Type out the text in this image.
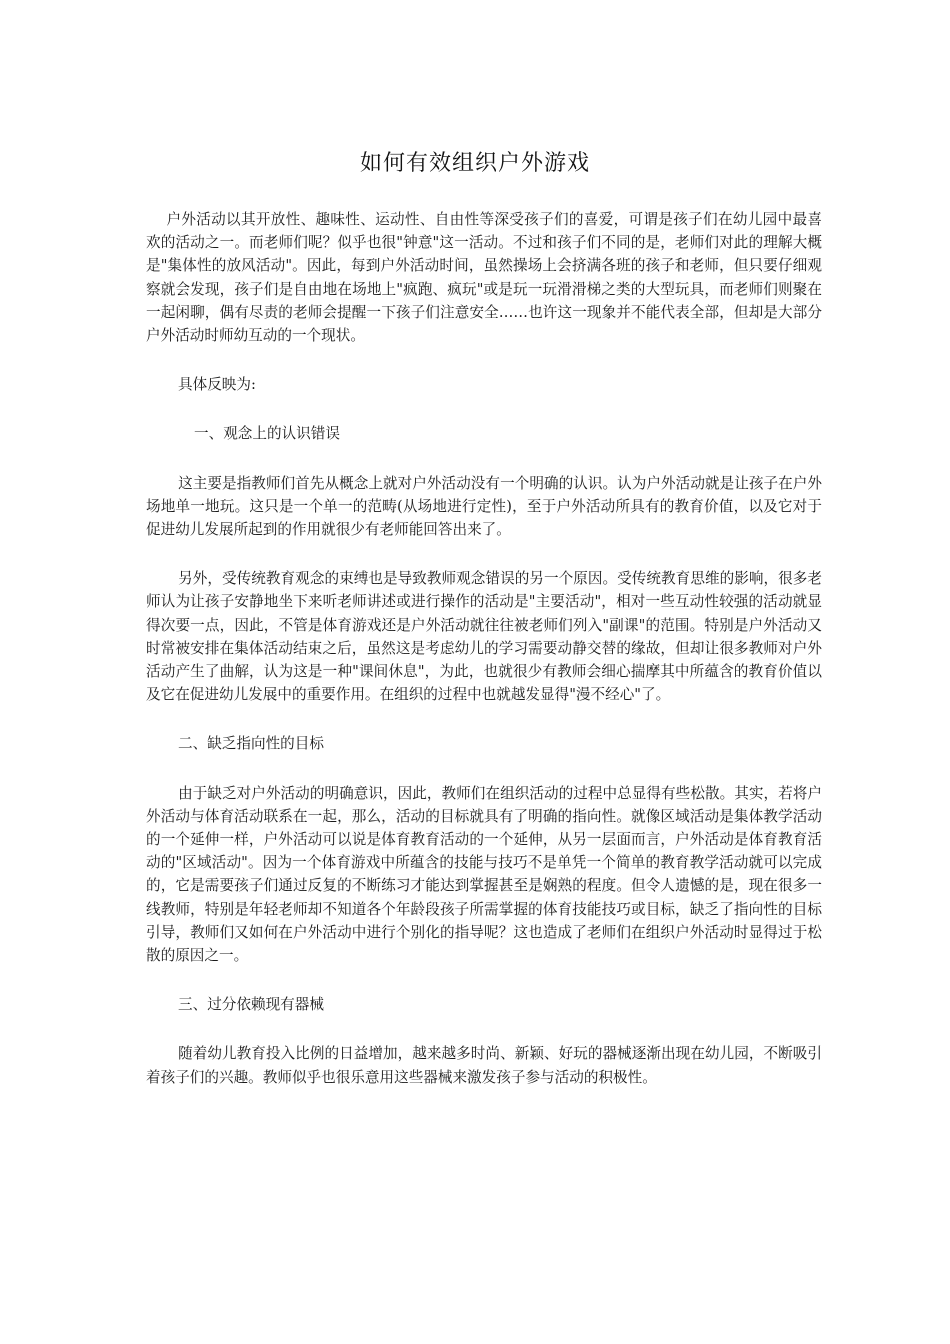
如何有效组织户外游戏

户外活动以其开放性、趣味性、运动性、自由性等深受孩子们的喜爱，可谓是孩子们在幼儿园中最喜欢的活动之一。而老师们呢？似乎也很"钟意"这一活动。不过和孩子们不同的是，老师们对此的理解大概是"集体性的放风活动"。因此，每到户外活动时间，虽然操场上会挤满各班的孩子和老师，但只要仔细观察就会发现，孩子们是自由地在场地上"疯跑、疯玩"或是玩一玩滑滑梯之类的大型玩具，而老师们则聚在一起闲聊，偶有尽责的老师会提醒一下孩子们注意安全……也许这一现象并不能代表全部，但却是大部分户外活动时师幼互动的一个现状。

具体反映为:

一、观念上的认识错误

这主要是指教师们首先从概念上就对户外活动没有一个明确的认识。认为户外活动就是让孩子在户外场地单一地玩。这只是一个单一的范畴(从场地进行定性)，至于户外活动所具有的教育价值，以及它对于促进幼儿发展所起到的作用就很少有老师能回答出来了。

另外，受传统教育观念的束缚也是导致教师观念错误的另一个原因。受传统教育思维的影响，很多老师认为让孩子安静地坐下来听老师讲述或进行操作的活动是"主要活动"，相对一些互动性较强的活动就显得次要一点，因此，不管是体育游戏还是户外活动就往往被老师们列入"副课"的范围。特别是户外活动又时常被安排在集体活动结束之后，虽然这是考虑幼儿的学习需要动静交替的缘故，但却让很多教师对户外活动产生了曲解，认为这是一种"课间休息"，为此，也就很少有教师会细心揣摩其中所蕴含的教育价值以及它在促进幼儿发展中的重要作用。在组织的过程中也就越发显得"漫不经心"了。

二、缺乏指向性的目标

由于缺乏对户外活动的明确意识，因此，教师们在组织活动的过程中总显得有些松散。其实，若将户外活动与体育活动联系在一起，那么，活动的目标就具有了明确的指向性。就像区域活动是集体教学活动的一个延伸一样，户外活动可以说是体育教育活动的一个延伸，从另一层面而言，户外活动是体育教育活动的"区域活动"。因为一个体育游戏中所蕴含的技能与技巧不是单凭一个简单的教育教学活动就可以完成的，它是需要孩子们通过反复的不断练习才能达到掌握甚至是娴熟的程度。但令人遗憾的是，现在很多一线教师，特别是年轻老师却不知道各个年龄段孩子所需掌握的体育技能技巧或目标，缺乏了指向性的目标引导，教师们又如何在户外活动中进行个别化的指导呢？这也造成了老师们在组织户外活动时显得过于松散的原因之一。

三、过分依赖现有器械

随着幼儿教育投入比例的日益增加，越来越多时尚、新颖、好玩的器械逐渐出现在幼儿园，不断吸引着孩子们的兴趣。教师似乎也很乐意用这些器械来激发孩子参与活动的积极性。
